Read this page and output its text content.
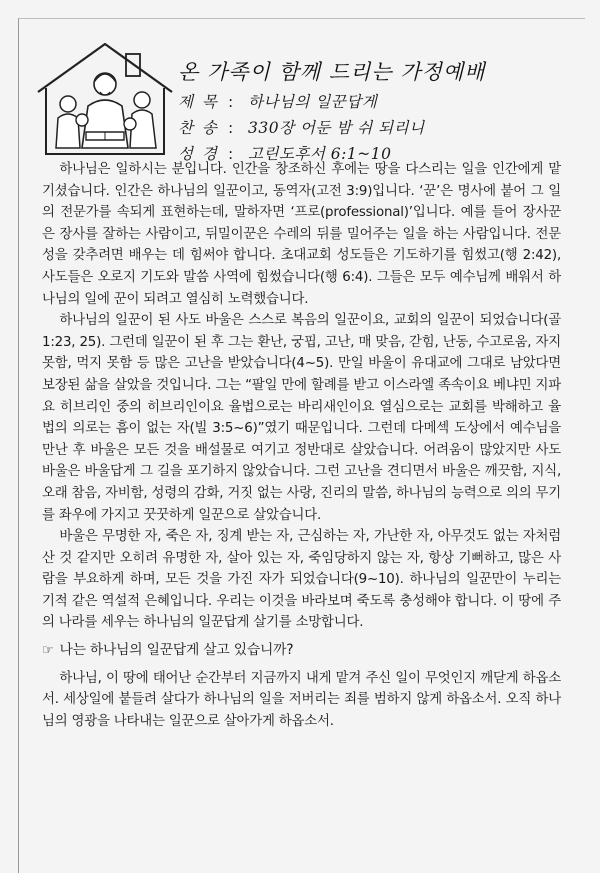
온 가족이 함께 드리는 가정예배
제 목 : 하나님의 일꾼답게
찬 송 : 330장 어둔 밤 쉬 되리니
성 경 : 고린도후서 6:1~10

하나님은 일하시는 분입니다. 인간을 창조하신 후에는 땅을 다스리는 일을 인간에게 맡기셨습니다. 인간은 하나님의 일꾼이고, 동역자(고전 3:9)입니다. ‘꾼’은 명사에 붙어 그 일의 전문가를 속되게 표현하는데, 말하자면 ‘프로(professional)’입니다. 예를 들어 장사꾼은 장사를 잘하는 사람이고, 뒤밀이꾼은 수레의 뒤를 밀어주는 일을 하는 사람입니다. 전문성을 갖추려면 배우는 데 힘써야 합니다. 초대교회 성도들은 기도하기를 힘썼고(행 2:42), 사도들은 오로지 기도와 말씀 사역에 힘썼습니다(행 6:4). 그들은 모두 예수님께 배워서 하나님의 일에 꾼이 되려고 열심히 노력했습니다.

하나님의 일꾼이 된 사도 바울은 스스로 복음의 일꾼이요, 교회의 일꾼이 되었습니다(골 1:23, 25). 그런데 일꾼이 된 후 그는 환난, 궁핍, 고난, 매 맞음, 갇힘, 난동, 수고로움, 자지 못함, 먹지 못함 등 많은 고난을 받았습니다(4~5). 만일 바울이 유대교에 그대로 남았다면 보장된 삶을 살았을 것입니다. 그는 “팔일 만에 할례를 받고 이스라엘 족속이요 베냐민 지파요 히브리인 중의 히브리인이요 율법으로는 바리새인이요 열심으로는 교회를 박해하고 율법의 의로는 흠이 없는 자(빌 3:5~6)”였기 때문입니다. 그런데 다메섹 도상에서 예수님을 만난 후 바울은 모든 것을 배설물로 여기고 정반대로 살았습니다. 어려움이 많았지만 사도 바울은 바울답게 그 길을 포기하지 않았습니다. 그런 고난을 견디면서 바울은 깨끗함, 지식, 오래 참음, 자비함, 성령의 감화, 거짓 없는 사랑, 진리의 말씀, 하나님의 능력으로 의의 무기를 좌우에 가지고 꿋꿋하게 일꾼으로 살았습니다.

바울은 무명한 자, 죽은 자, 징계 받는 자, 근심하는 자, 가난한 자, 아무것도 없는 자처럼 산 것 같지만 오히려 유명한 자, 살아 있는 자, 죽임당하지 않는 자, 항상 기뻐하고, 많은 사람을 부요하게 하며, 모든 것을 가진 자가 되었습니다(9~10). 하나님의 일꾼만이 누리는 기적 같은 역설적 은혜입니다. 우리는 이것을 바라보며 죽도록 충성해야 합니다. 이 땅에 주의 나라를 세우는 하나님의 일꾼답게 살기를 소망합니다.

☞ 나는 하나님의 일꾼답게 살고 있습니까?

하나님, 이 땅에 태어난 순간부터 지금까지 내게 맡겨 주신 일이 무엇인지 깨닫게 하옵소서. 세상일에 붙들려 살다가 하나님의 일을 저버리는 죄를 범하지 않게 하옵소서. 오직 하나님의 영광을 나타내는 일꾼으로 살아가게 하옵소서.
